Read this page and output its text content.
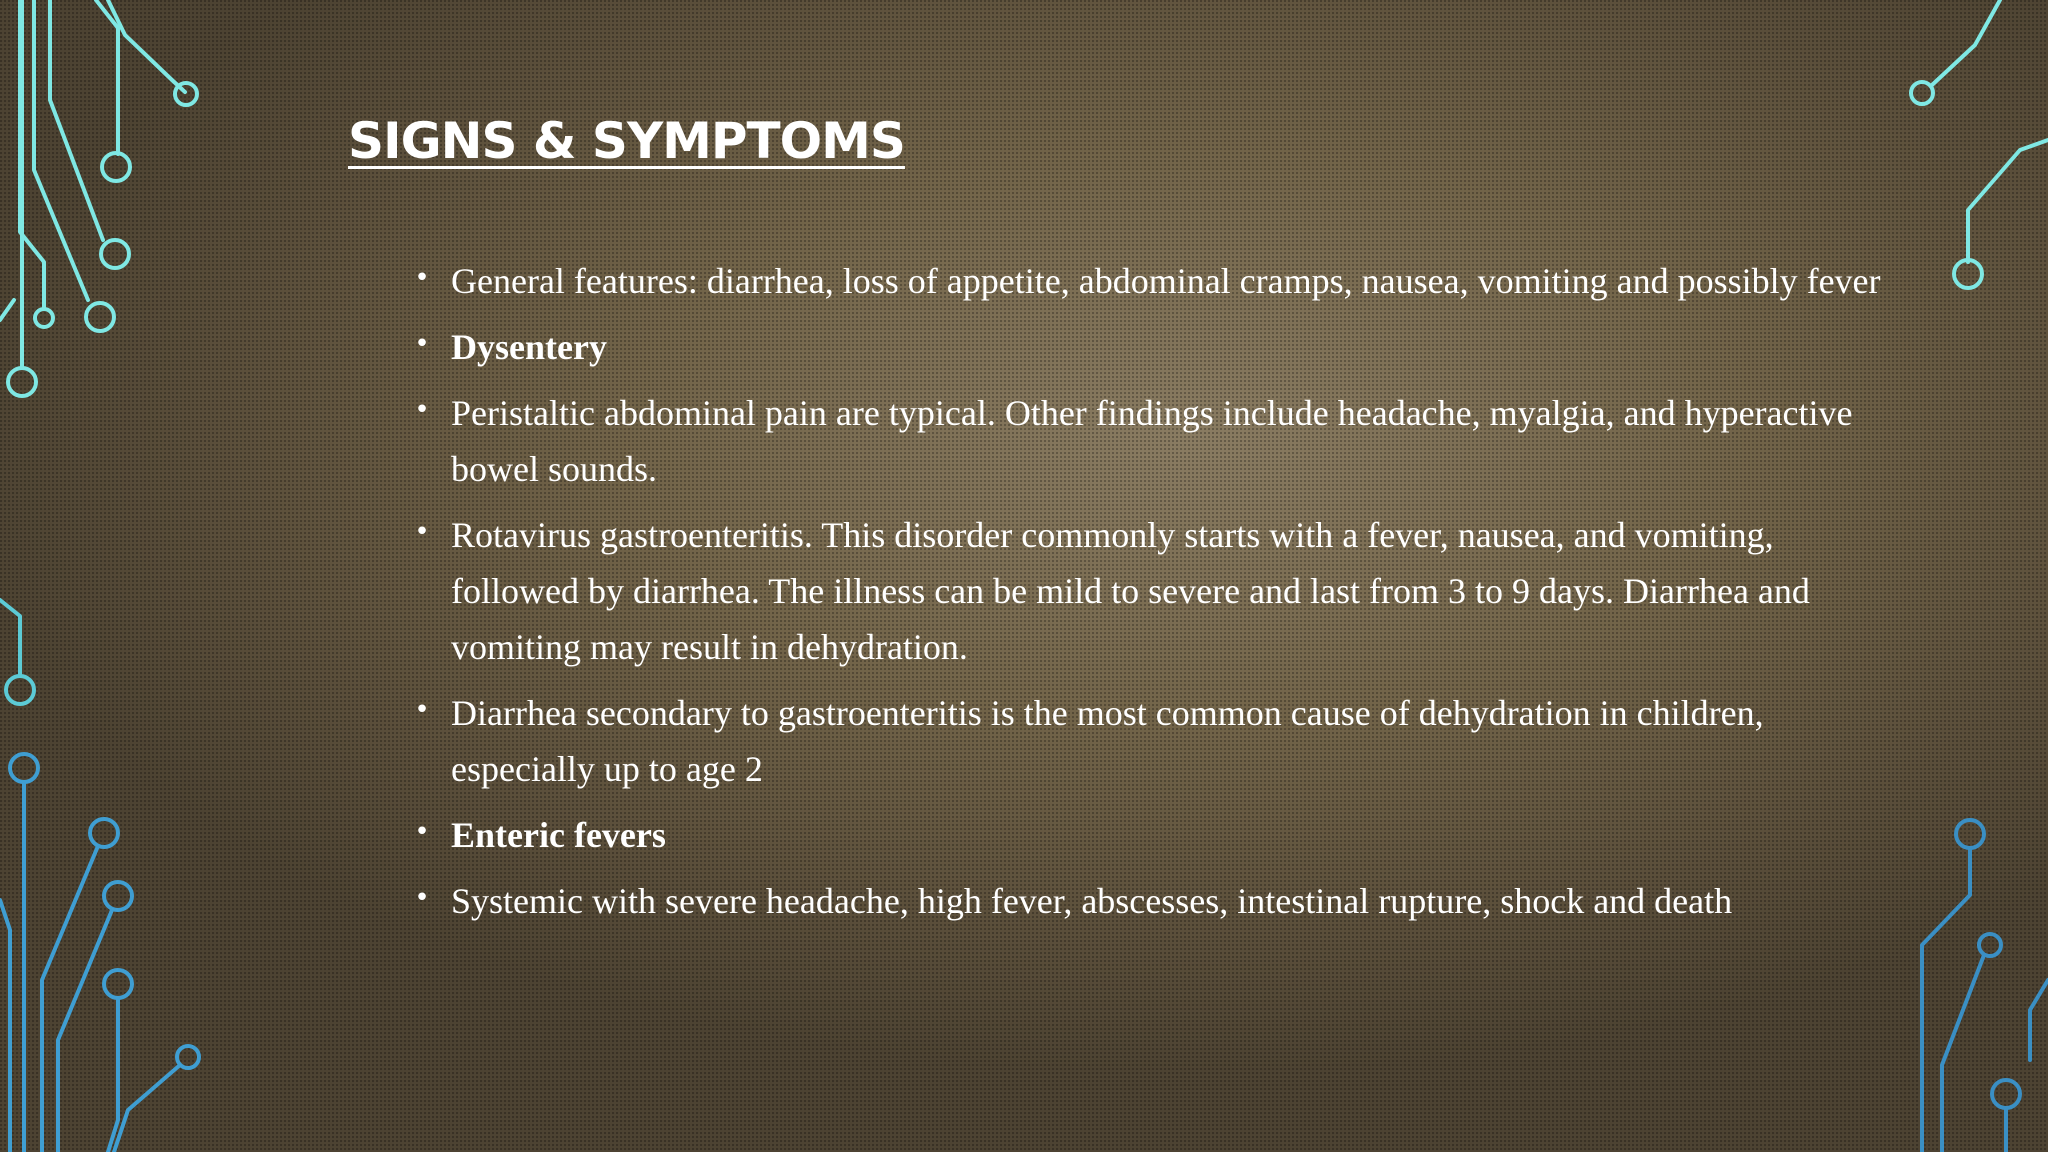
SIGNS & SYMPTOMS
• General features: diarrhea, loss of appetite, abdominal cramps, nausea, vomiting and possibly fever
• Dysentery
• Peristaltic abdominal pain are typical. Other findings include headache, myalgia, and hyperactive bowel sounds.
• Rotavirus gastroenteritis. This disorder commonly starts with a fever, nausea, and vomiting, followed by diarrhea. The illness can be mild to severe and last from 3 to 9 days. Diarrhea and vomiting may result in dehydration.
• Diarrhea secondary to gastroenteritis is the most common cause of dehydration in children, especially up to age 2
• Enteric fevers
• Systemic with severe headache, high fever, abscesses, intestinal rupture, shock and death
